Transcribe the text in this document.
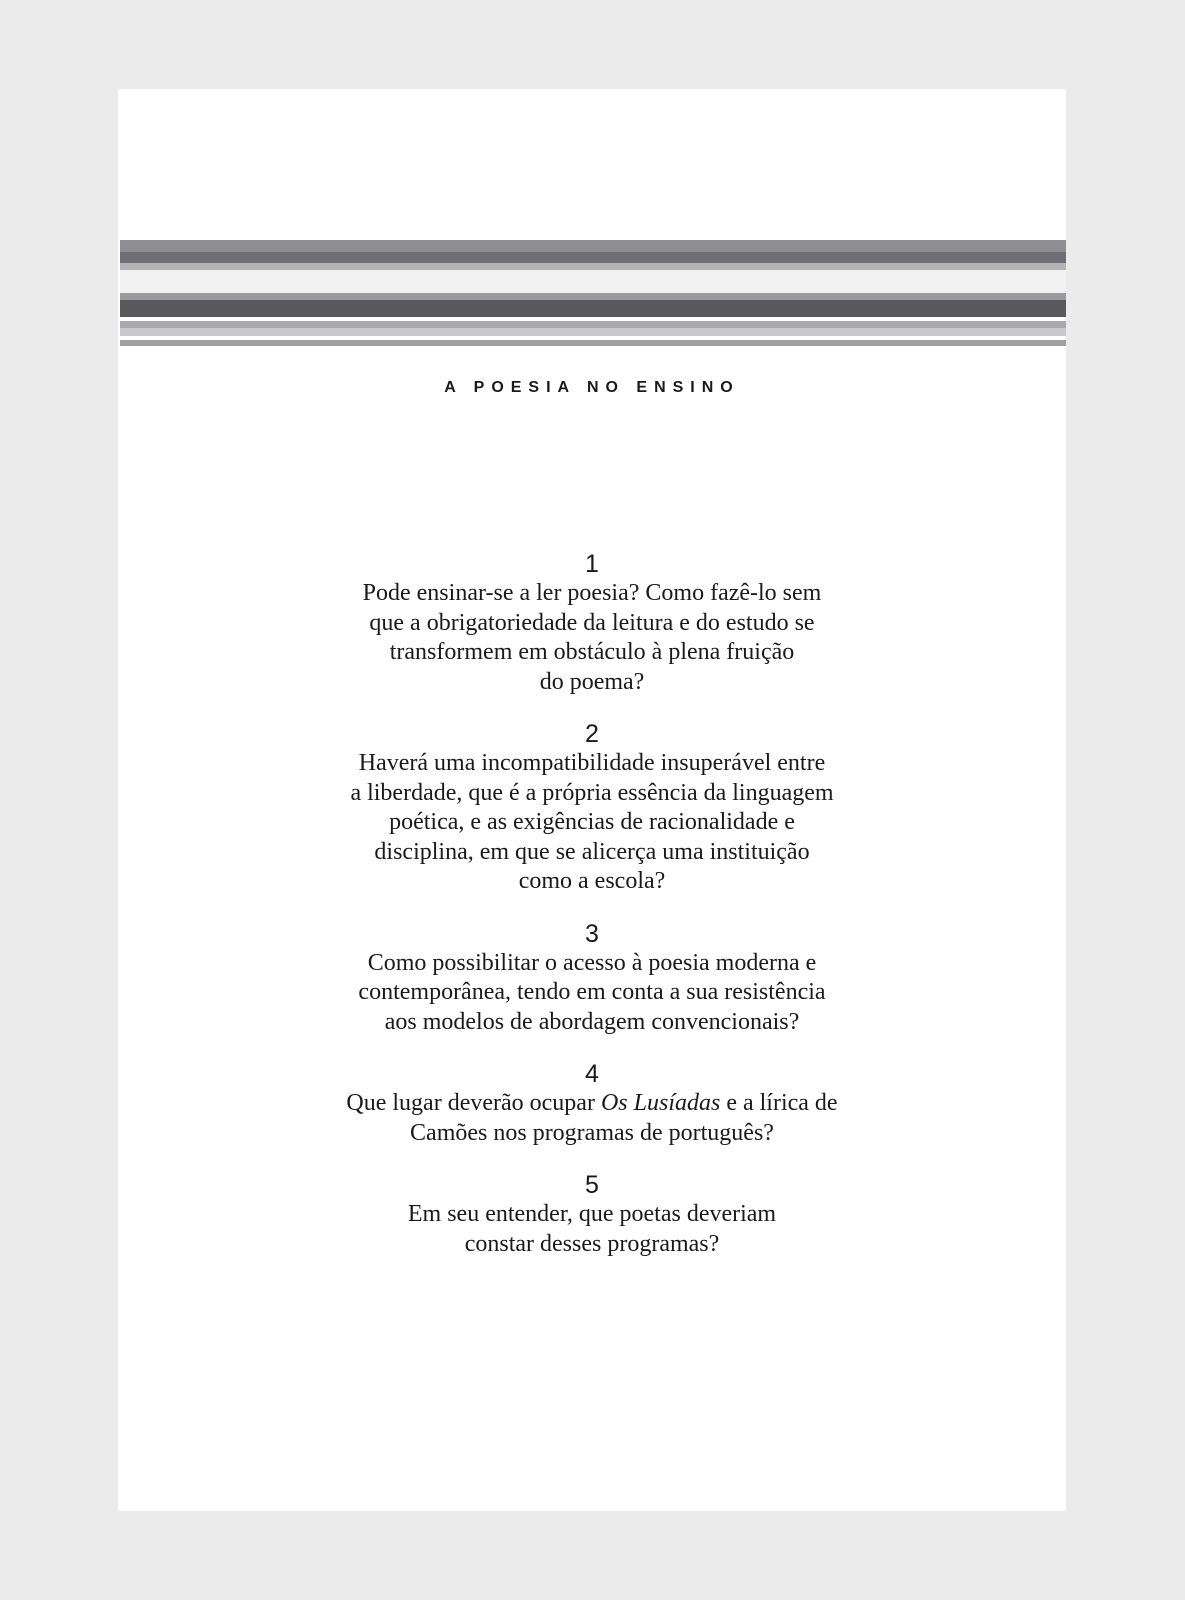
A POESIA NO ENSINO
1
Pode ensinar-se a ler poesia? Como fazê-lo sem
que a obrigatoriedade da leitura e do estudo se
transformem em obstáculo à plena fruição
do poema?
2
Haverá uma incompatibilidade insuperável entre
a liberdade, que é a própria essência da linguagem
poética, e as exigências de racionalidade e
disciplina, em que se alicerça uma instituição
como a escola?
3
Como possibilitar o acesso à poesia moderna e
contemporânea, tendo em conta a sua resistência
aos modelos de abordagem convencionais?
4
Que lugar deverão ocupar Os Lusíadas e a lírica de
Camões nos programas de português?
5
Em seu entender, que poetas deveriam
constar desses programas?
